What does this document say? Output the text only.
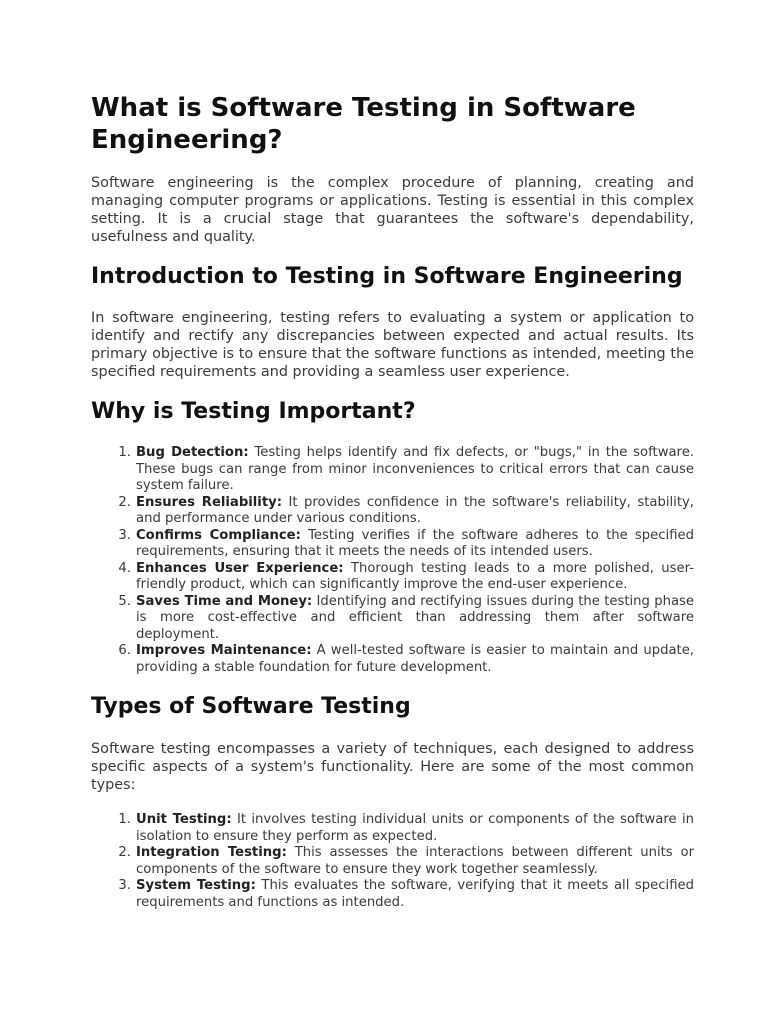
What is Software Testing in Software Engineering?

Software engineering is the complex procedure of planning, creating and managing computer programs or applications. Testing is essential in this complex setting. It is a crucial stage that guarantees the software's dependability, usefulness and quality.

Introduction to Testing in Software Engineering

In software engineering, testing refers to evaluating a system or application to identify and rectify any discrepancies between expected and actual results. Its primary objective is to ensure that the software functions as intended, meeting the specified requirements and providing a seamless user experience.

Why is Testing Important?
1. Bug Detection: Testing helps identify and fix defects, or "bugs," in the software. These bugs can range from minor inconveniences to critical errors that can cause system failure.
2. Ensures Reliability: It provides confidence in the software's reliability, stability, and performance under various conditions.
3. Confirms Compliance: Testing verifies if the software adheres to the specified requirements, ensuring that it meets the needs of its intended users.
4. Enhances User Experience: Thorough testing leads to a more polished, user-friendly product, which can significantly improve the end-user experience.
5. Saves Time and Money: Identifying and rectifying issues during the testing phase is more cost-effective and efficient than addressing them after software deployment.
6. Improves Maintenance: A well-tested software is easier to maintain and update, providing a stable foundation for future development.
Types of Software Testing

Software testing encompasses a variety of techniques, each designed to address specific aspects of a system's functionality. Here are some of the most common types:

1. Unit Testing: It involves testing individual units or components of the software in isolation to ensure they perform as expected.
2. Integration Testing: This assesses the interactions between different units or components of the software to ensure they work together seamlessly.
3. System Testing: This evaluates the software, verifying that it meets all specified requirements and functions as intended.
